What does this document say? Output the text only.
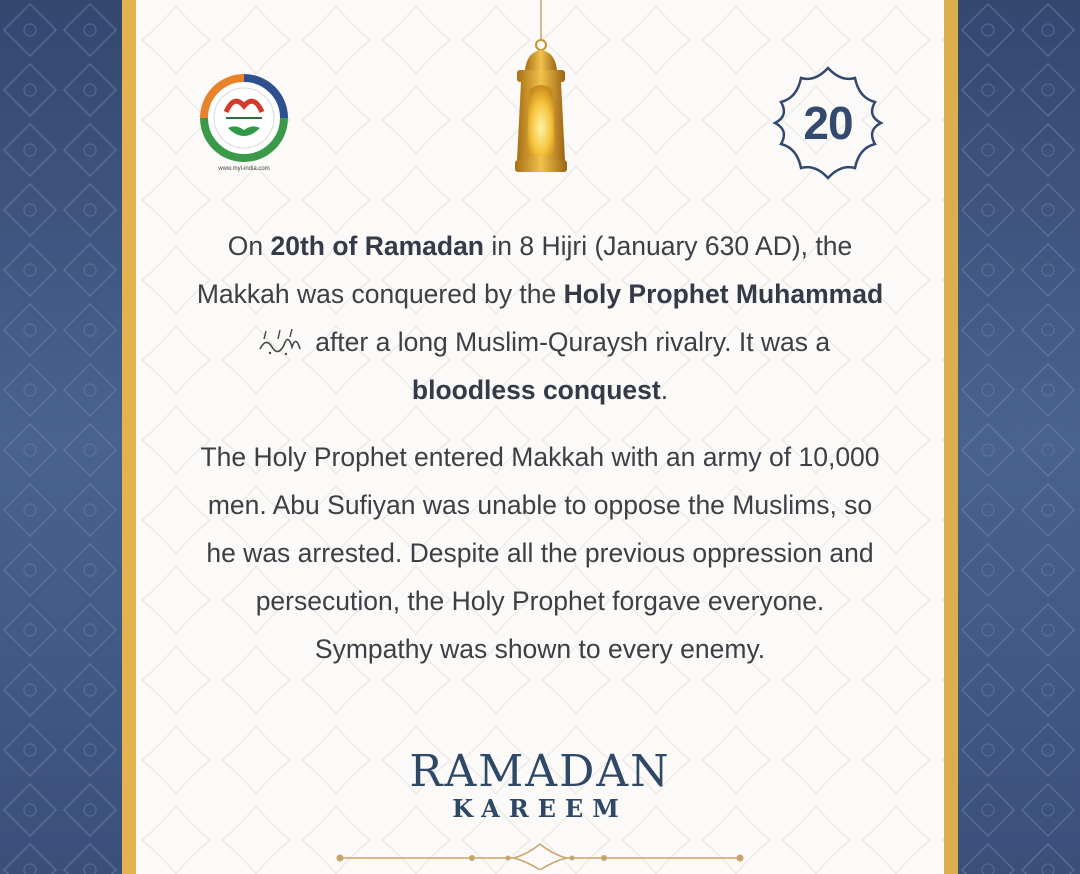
www.myl-india.com
20
On 20th of Ramadan in 8 Hijri (January 630 AD), the Makkah was conquered by the Holy Prophet Muhammad after a long Muslim-Quraysh rivalry. It was a bloodless conquest.
The Holy Prophet entered Makkah with an army of 10,000 men. Abu Sufiyan was unable to oppose the Muslims, so he was arrested. Despite all the previous oppression and persecution, the Holy Prophet forgave everyone. Sympathy was shown to every enemy.
RAMADAN
KAREEM
